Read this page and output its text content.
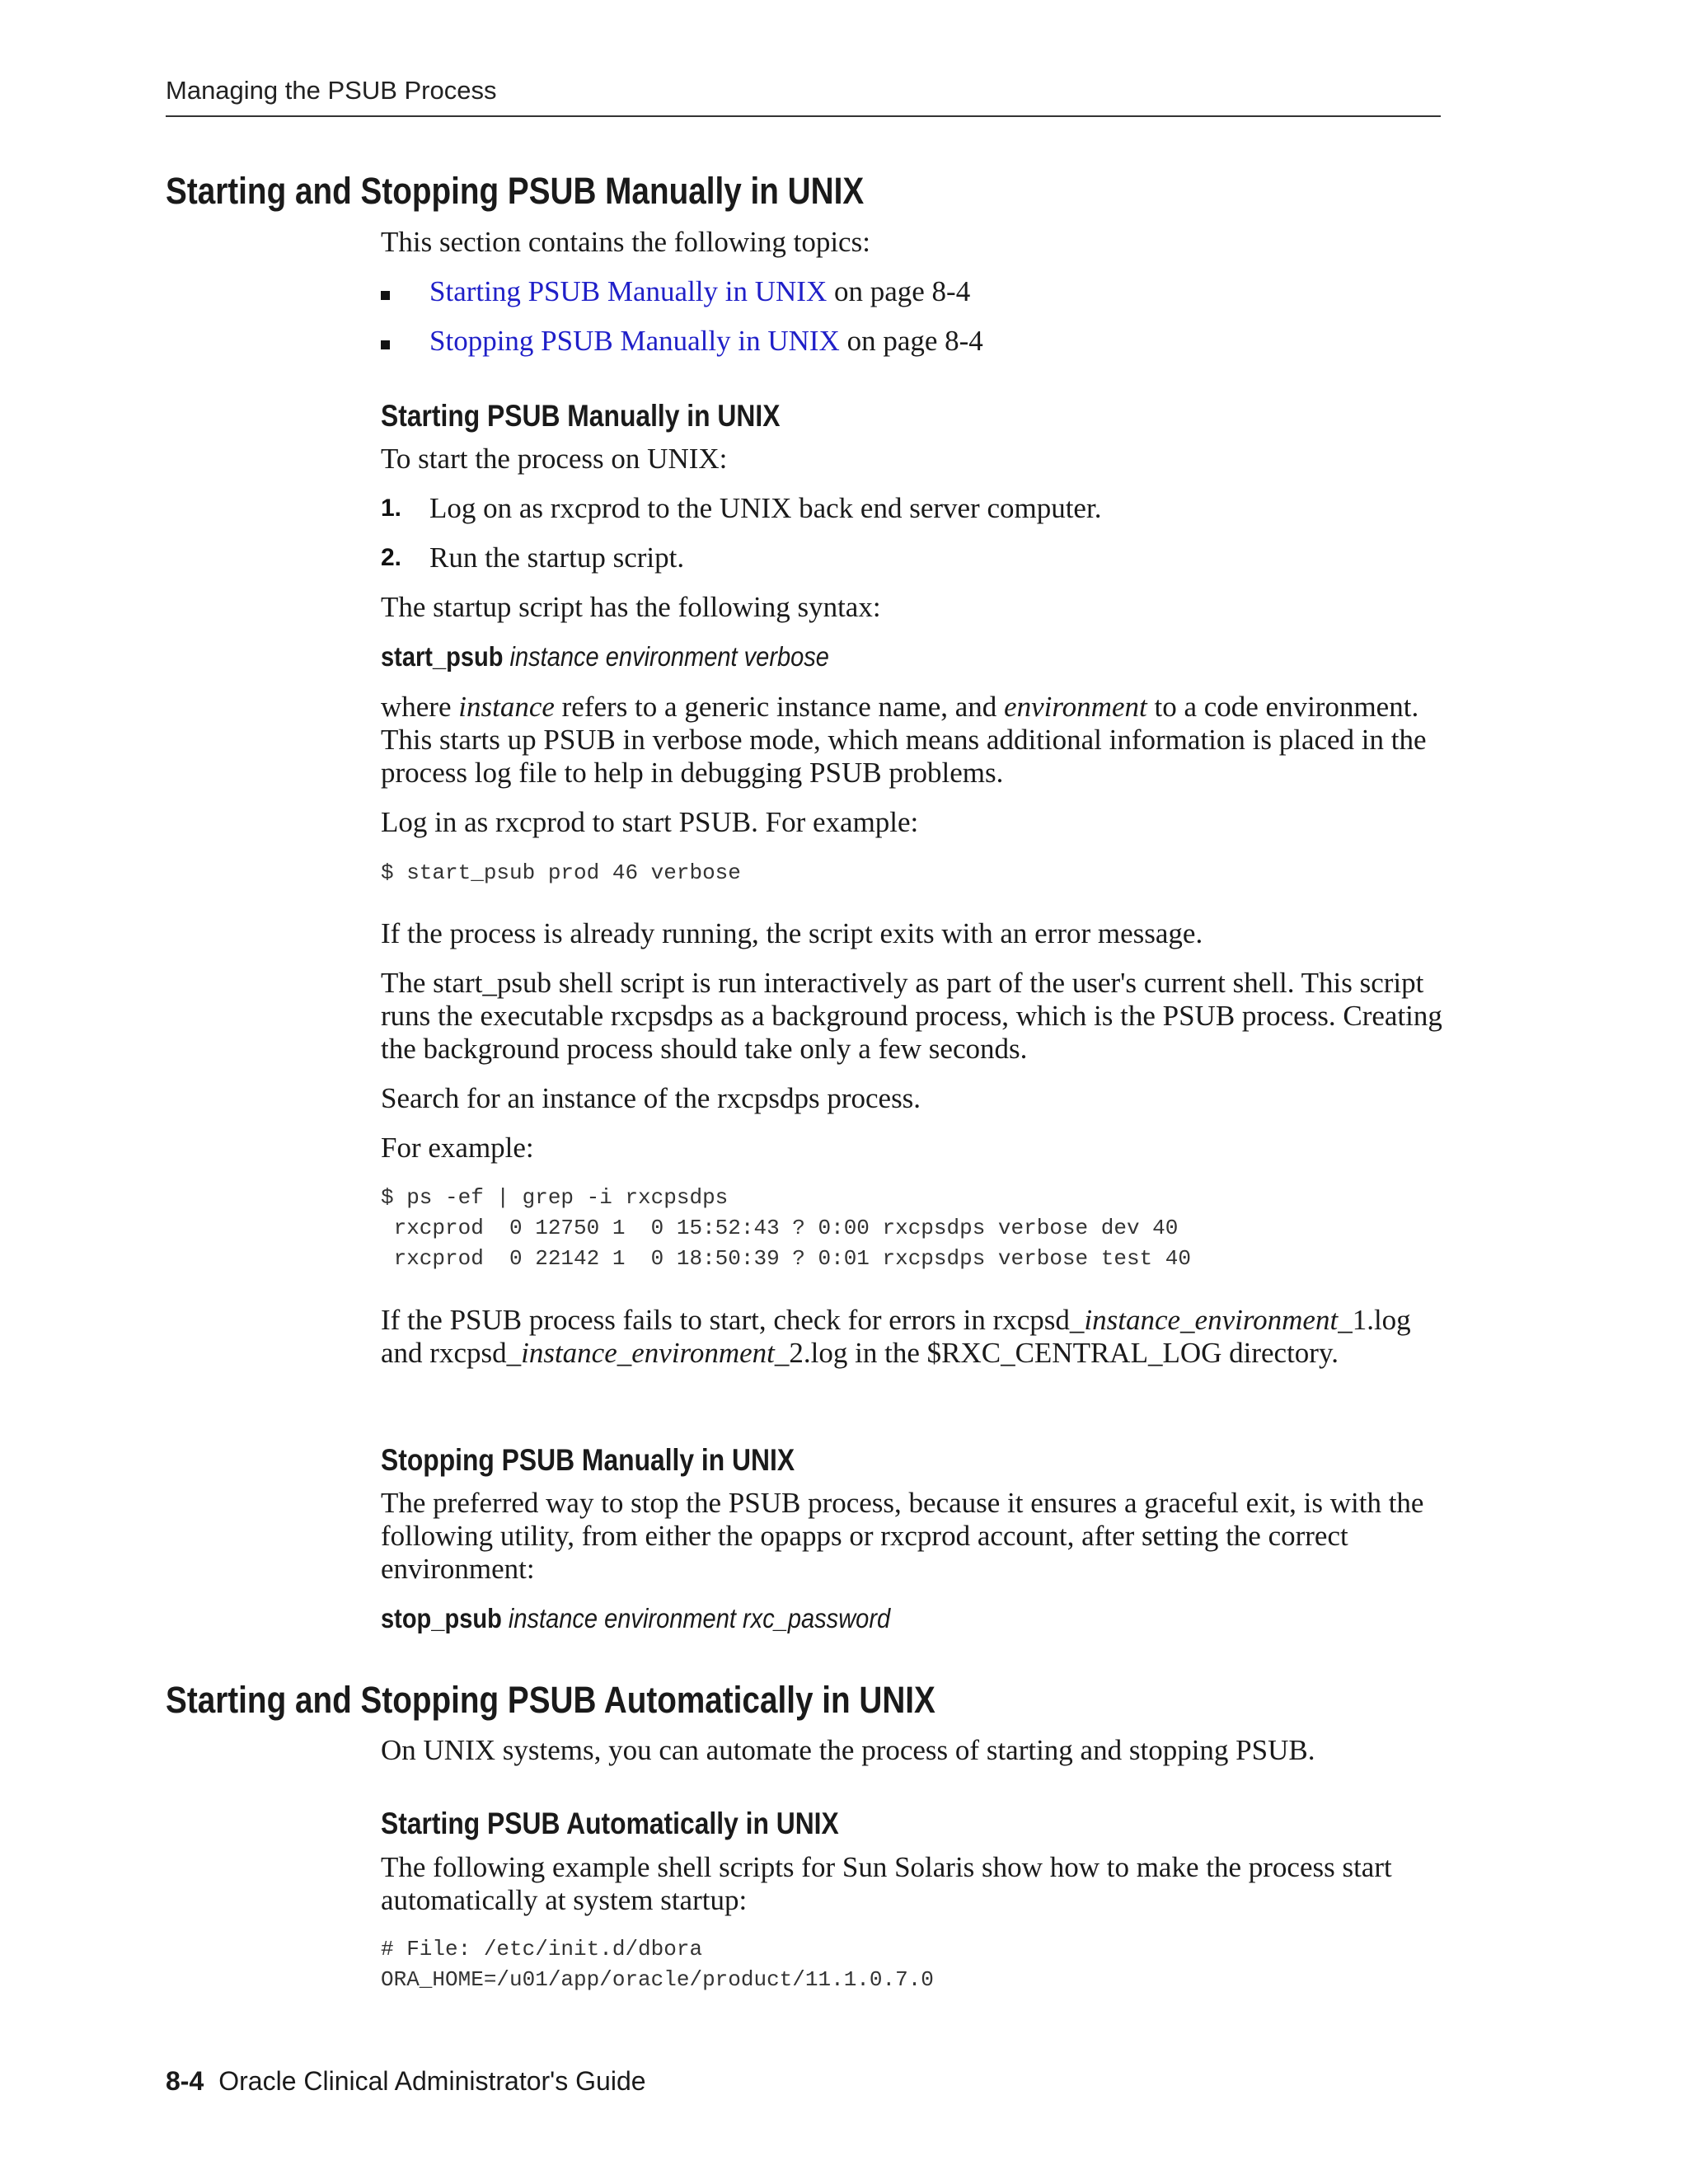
Managing the PSUB Process
Starting and Stopping PSUB Manually in UNIX
This section contains the following topics:
Starting PSUB Manually in UNIX on page 8-4
Stopping PSUB Manually in UNIX on page 8-4
Starting PSUB Manually in UNIX
To start the process on UNIX:
1. Log on as rxcprod to the UNIX back end server computer.
2. Run the startup script.
The startup script has the following syntax:
start_psub instance environment verbose
where instance refers to a generic instance name, and environment to a code environment. This starts up PSUB in verbose mode, which means additional information is placed in the process log file to help in debugging PSUB problems.
Log in as rxcprod to start PSUB. For example:
$ start_psub prod 46 verbose
If the process is already running, the script exits with an error message.
The start_psub shell script is run interactively as part of the user's current shell. This script runs the executable rxcpsdps as a background process, which is the PSUB process. Creating the background process should take only a few seconds.
Search for an instance of the rxcpsdps process.
For example:
$ ps -ef | grep -i rxcpsdps
rxcprod  0 12750 1  0 15:52:43 ? 0:00 rxcpsdps verbose dev 40
rxcprod  0 22142 1  0 18:50:39 ? 0:01 rxcpsdps verbose test 40
If the PSUB process fails to start, check for errors in rxcpsd_instance_environment_1.log and rxcpsd_instance_environment_2.log in the $RXC_CENTRAL_LOG directory.
Stopping PSUB Manually in UNIX
The preferred way to stop the PSUB process, because it ensures a graceful exit, is with the following utility, from either the opapps or rxcprod account, after setting the correct environment:
stop_psub instance environment rxc_password
Starting and Stopping PSUB Automatically in UNIX
On UNIX systems, you can automate the process of starting and stopping PSUB.
Starting PSUB Automatically in UNIX
The following example shell scripts for Sun Solaris show how to make the process start automatically at system startup:
# File: /etc/init.d/dbora
ORA_HOME=/u01/app/oracle/product/11.1.0.7.0
8-4 Oracle Clinical Administrator's Guide
